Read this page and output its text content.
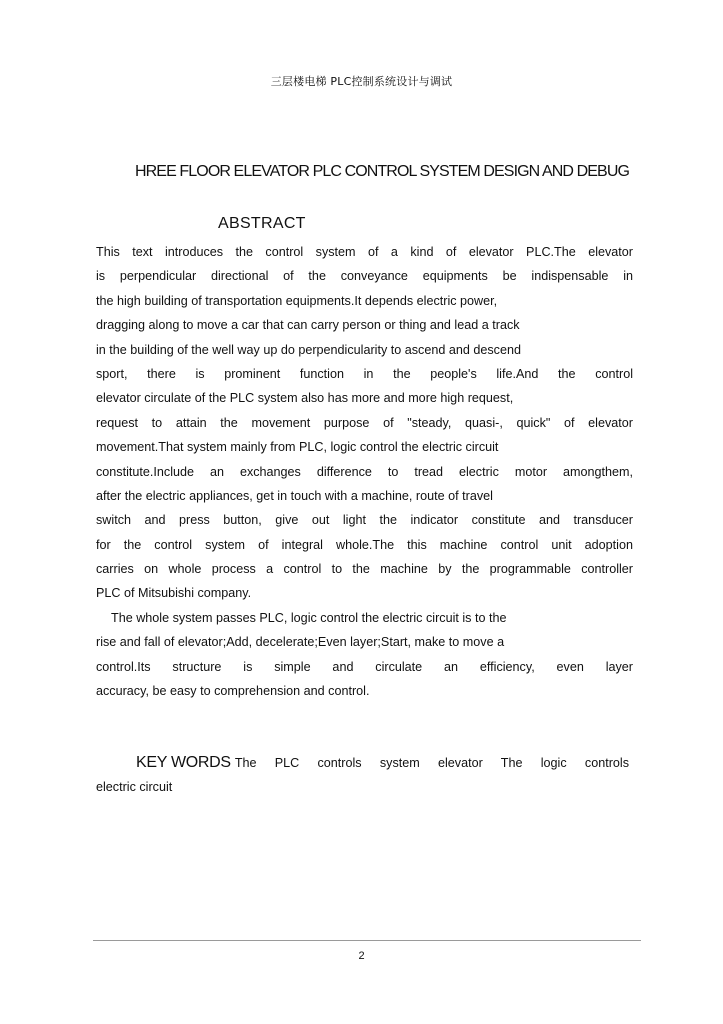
三层楼电梯 PLC控制系统设计与调试
HREE FLOOR ELEVATOR PLC CONTROL SYSTEM DESIGN AND DEBUG
ABSTRACT
This text introduces the control system of a kind of elevator PLC.The elevator
is perpendicular directional of the conveyance equipments be indispensable in
the high building of transportation equipments.It depends electric power,
dragging along to move a car that can carry person or thing and lead a track
in the building of the well way up do perpendicularity to ascend and descend
sport, there is prominent function in the people's life.And the control
elevator circulate of the PLC system also has more and more high request,
request to attain the movement purpose of "steady, quasi-, quick" of elevator
movement.That system mainly from PLC, logic control the electric circuit
constitute.Include an exchanges difference to tread electric motor amongthem,
after the electric appliances, get in touch with a machine, route of travel
switch and press button, give out light the indicator constitute and transducer
for the control system of integral whole.The this machine control unit adoption
carries on whole process a control to the machine by the programmable controller
PLC of Mitsubishi company.
The whole system passes PLC, logic control the electric circuit is to the
rise and fall of elevator;Add, decelerate;Even layer;Start, make to move a
control.Its structure is simple and circulate an efficiency, even layer
accuracy, be easy to comprehension and control.
KEY WORDS The PLC controls system elevator The logic controls
electric circuit
2
